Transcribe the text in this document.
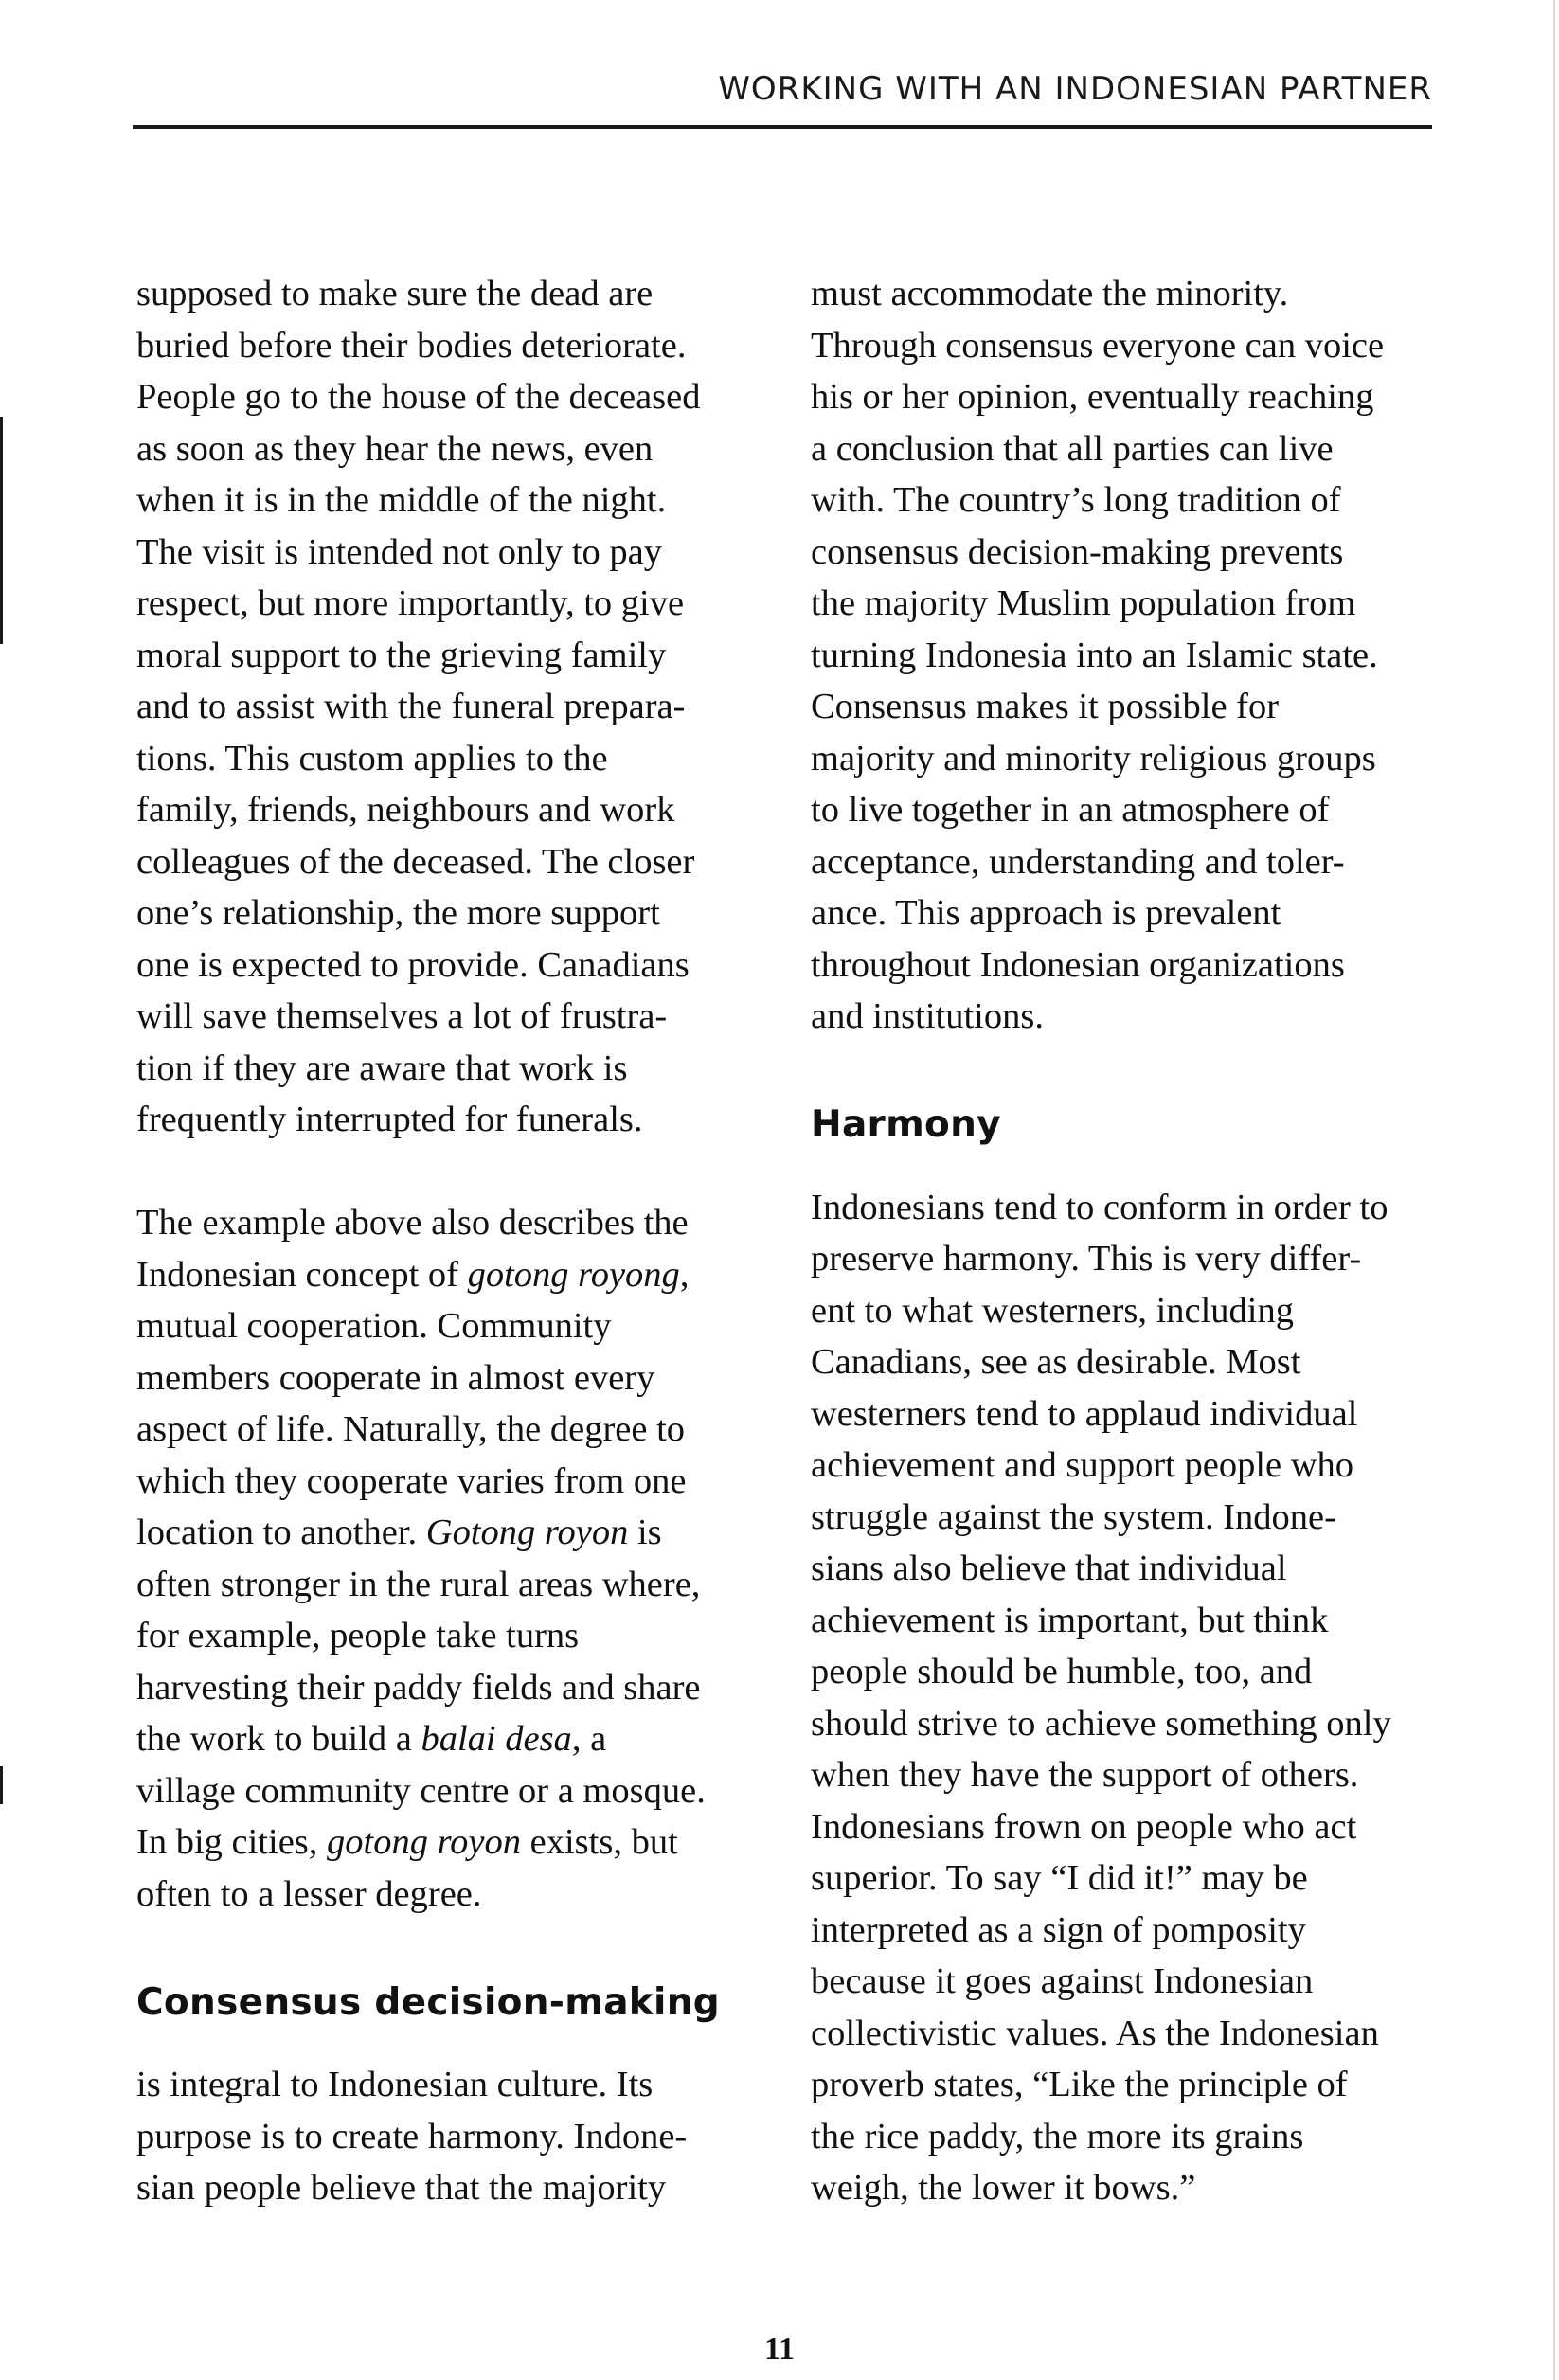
WORKING WITH AN INDONESIAN PARTNER
supposed to make sure the dead are
buried before their bodies deteriorate.
People go to the house of the deceased
as soon as they hear the news, even
when it is in the middle of the night.
The visit is intended not only to pay
respect, but more importantly, to give
moral support to the grieving family
and to assist with the funeral prepara-
tions. This custom applies to the
family, friends, neighbours and work
colleagues of the deceased. The closer
one’s relationship, the more support
one is expected to provide. Canadians
will save themselves a lot of frustra-
tion if they are aware that work is
frequently interrupted for funerals.
The example above also describes the
Indonesian concept of gotong royong,
mutual cooperation. Community
members cooperate in almost every
aspect of life. Naturally, the degree to
which they cooperate varies from one
location to another. Gotong royon is
often stronger in the rural areas where,
for example, people take turns
harvesting their paddy fields and share
the work to build a balai desa, a
village community centre or a mosque.
In big cities, gotong royon exists, but
often to a lesser degree.
Consensus decision-making
is integral to Indonesian culture. Its
purpose is to create harmony. Indone-
sian people believe that the majority
must accommodate the minority.
Through consensus everyone can voice
his or her opinion, eventually reaching
a conclusion that all parties can live
with. The country’s long tradition of
consensus decision-making prevents
the majority Muslim population from
turning Indonesia into an Islamic state.
Consensus makes it possible for
majority and minority religious groups
to live together in an atmosphere of
acceptance, understanding and toler-
ance. This approach is prevalent
throughout Indonesian organizations
and institutions.
Harmony
Indonesians tend to conform in order to
preserve harmony. This is very differ-
ent to what westerners, including
Canadians, see as desirable. Most
westerners tend to applaud individual
achievement and support people who
struggle against the system. Indone-
sians also believe that individual
achievement is important, but think
people should be humble, too, and
should strive to achieve something only
when they have the support of others.
Indonesians frown on people who act
superior. To say “I did it!” may be
interpreted as a sign of pomposity
because it goes against Indonesian
collectivistic values. As the Indonesian
proverb states, “Like the principle of
the rice paddy, the more its grains
weigh, the lower it bows.”
11
